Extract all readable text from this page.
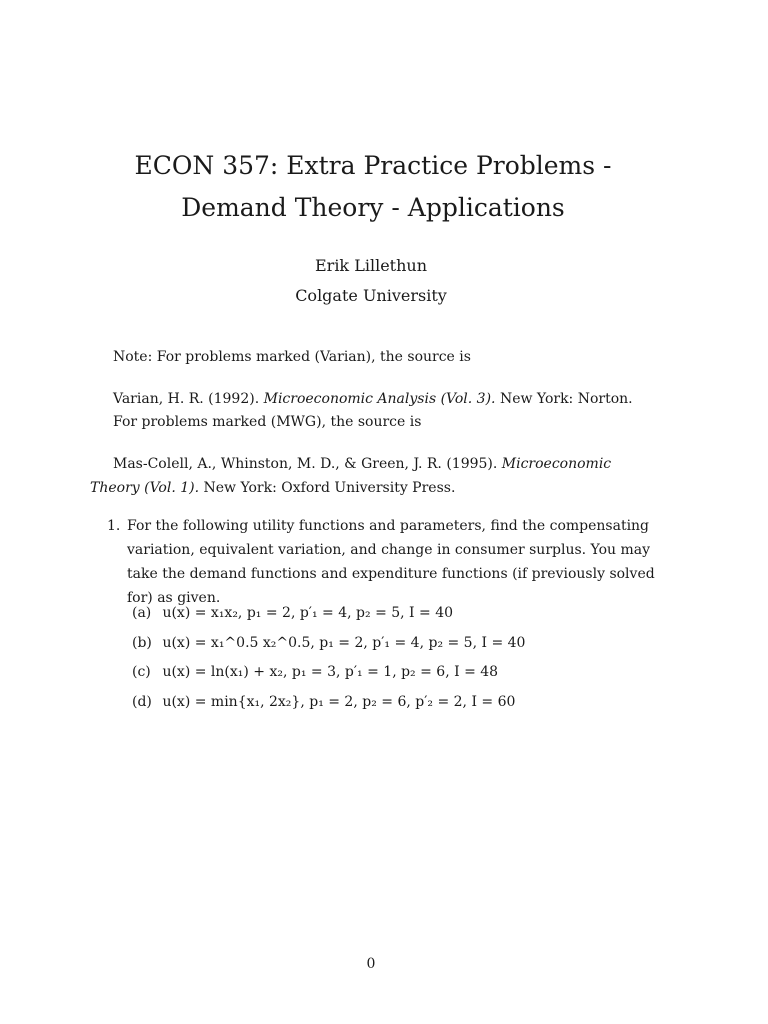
ECON 357: Extra Practice Problems - Demand Theory - Applications
Erik Lillethun
Colgate University

Note: For problems marked (Varian), the source is

Varian, H. R. (1992). Microeconomic Analysis (Vol. 3). New York: Norton.

For problems marked (MWG), the source is

Mas-Colell, A., Whinston, M. D., & Green, J. R. (1995). Microeconomic Theory (Vol. 1). New York: Oxford University Press.

1. For the following utility functions and parameters, find the compensating variation, equivalent variation, and change in consumer surplus. You may take the demand functions and expenditure functions (if previously solved for) as given.
(a) u(x) = x₁x₂, p₁ = 2, p′₁ = 4, p₂ = 5, I = 40
(b) u(x) = x₁^0.5 x₂^0.5, p₁ = 2, p′₁ = 4, p₂ = 5, I = 40
(c) u(x) = ln(x₁) + x₂, p₁ = 3, p′₁ = 1, p₂ = 6, I = 48
(d) u(x) = min{x₁, 2x₂}, p₁ = 2, p₂ = 6, p′₂ = 2, I = 60
0
